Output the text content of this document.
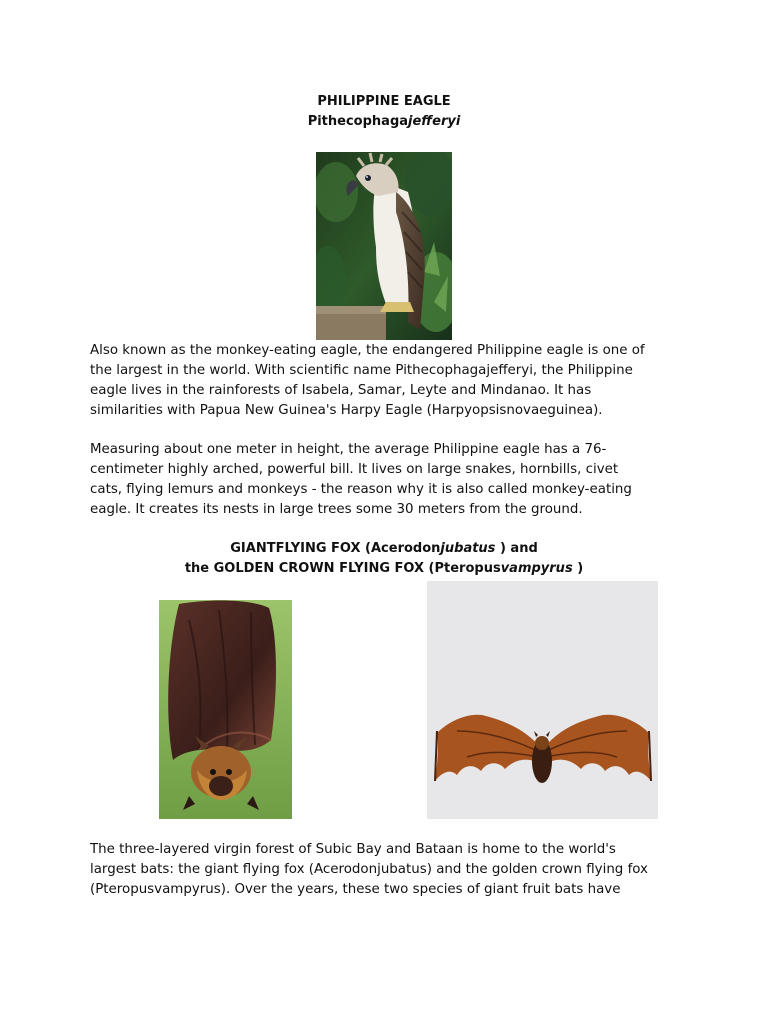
PHILIPPINE EAGLE
Pithecophagajefferyi
Also known as the monkey-eating eagle, the endangered Philippine eagle is one of
the largest in the world. With scientific name Pithecophagajefferyi, the Philippine
eagle lives in the rainforests of Isabela, Samar, Leyte and Mindanao. It has
similarities with Papua New Guinea's Harpy Eagle (Harpyopsisnovaeguinea).
Measuring about one meter in height, the average Philippine eagle has a 76-
centimeter highly arched, powerful bill. It lives on large snakes, hornbills, civet
cats, flying lemurs and monkeys - the reason why it is also called monkey-eating
eagle. It creates its nests in large trees some 30 meters from the ground.
GIANTFLYING FOX (Acerodonjubatus ) and
the GOLDEN CROWN FLYING FOX (Pteropusvampyrus )
The three-layered virgin forest of Subic Bay and Bataan is home to the world's
largest bats: the giant flying fox (Acerodonjubatus) and the golden crown flying fox
(Pteropusvampyrus). Over the years, these two species of giant fruit bats have
